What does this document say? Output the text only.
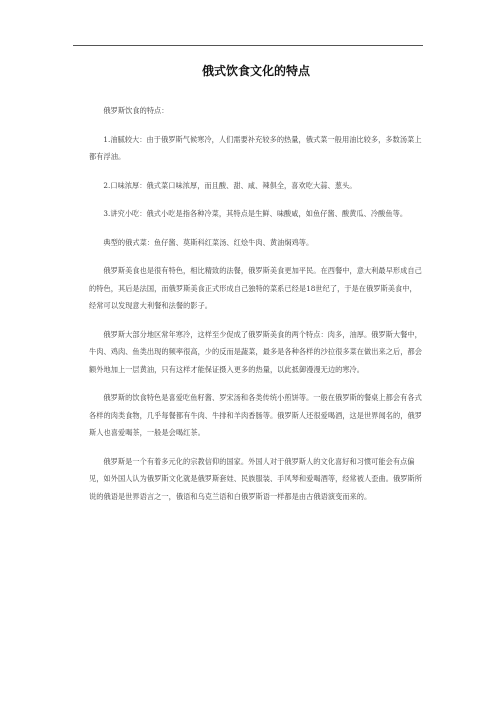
俄式饮食文化的特点

俄罗斯饮食的特点：

1.油腻较大：由于俄罗斯气候寒冷，人们需要补充较多的热量，俄式菜一般用油比较多，多数汤菜上都有浮油。

2.口味浓厚：俄式菜口味浓厚，而且酸、甜、咸、辣俱全，喜欢吃大蒜、葱头。

3.讲究小吃：俄式小吃是指各种冷菜，其特点是生鲜、味酸咸，如鱼仔酱、酸黄瓜、冷酸鱼等。

典型的俄式菜：鱼仔酱、莫斯科红菜汤、红烩牛肉、黄油焖鸡等。

俄罗斯美食也是很有特色，相比精致的法餐，俄罗斯美食更加平民。在西餐中，意大利最早形成自己的特色，其后是法国，而俄罗斯美食正式形成自己独特的菜系已经是18世纪了，于是在俄罗斯美食中，经常可以发现意大利餐和法餐的影子。

俄罗斯大部分地区常年寒冷，这样至少促成了俄罗斯美食的两个特点：肉多，油厚。俄罗斯大餐中，牛肉、鸡肉、鱼类出现的频率很高，少的反而是蔬菜，最多是各种各样的沙拉很多菜在做出来之后，都会额外地加上一层黄油，只有这样才能保证摄入更多的热量，以此抵御漫漫无边的寒冷。

俄罗斯的饮食特色是喜爱吃鱼籽酱、罗宋汤和各类传统小煎饼等。一般在俄罗斯的餐桌上都会有各式各样的肉类食物，几乎每餐都有牛肉、牛排和羊肉香肠等。俄罗斯人还很爱喝酒，这是世界闻名的，俄罗斯人也喜爱喝茶，一般是会喝红茶。

俄罗斯是一个有着多元化的宗教信仰的国家。外国人对于俄罗斯人的文化喜好和习惯可能会有点偏见，如外国人认为俄罗斯文化就是俄罗斯套娃、民族服装、手风琴和爱喝酒等，经常被人歪曲。俄罗斯所说的俄语是世界语言之一，俄语和乌克兰语和白俄罗斯语一样都是由古俄语演变而来的。
